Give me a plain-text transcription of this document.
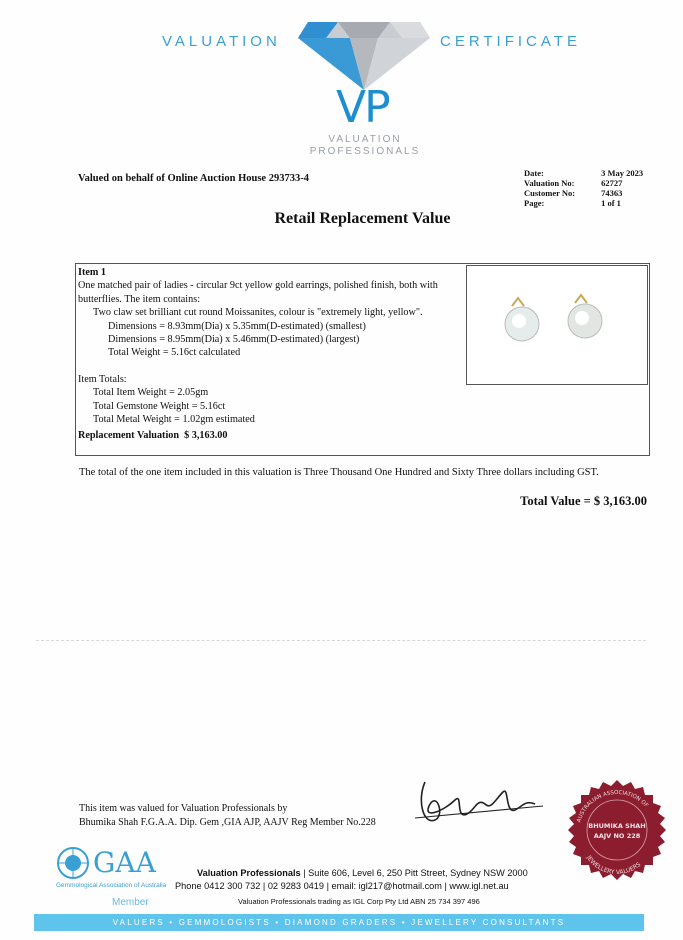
VALUATION	CERTIFICATE
VP
VALUATION
PROFESSIONALS
Valued on behalf of Online Auction House 293733-4	Date:	3 May 2023
Valuation No:	62727
Customer No:	74363
Page:	1 of 1
Retail Replacement Value
Item 1
One matched pair of ladies - circular 9ct yellow gold earrings, polished finish, both with
butterflies. The item contains:
Two claw set brilliant cut round Moissanites, colour is "extremely light, yellow".
Dimensions = 8.93mm(Dia) x 5.35mm(D-estimated) (smallest)
Dimensions = 8.95mm(Dia) x 5.46mm(D-estimated) (largest)
Total Weight = 5.16ct calculated
Item Totals:
Total Item Weight = 2.05gm
Total Gemstone Weight = 5.16ct
Total Metal Weight = 1.02gm estimated
Replacement Valuation $ 3,163.00
The total of the one item included in this valuation is Three Thousand One Hundred and Sixty Three dollars including GST.
Total Value = $ 3,163.00
This item was valued for Valuation Professionals by
Bhumika Shah F.G.A.A. Dip. Gem ,GIA AJP, AAJV Reg Member No.228	AUSTRALIAN ASSOCIATION OF
JEWELLERY VALUERS
BHUMIKA SHAH
AAJV NO 228
GAA
Gemmological Association of Australia
Member
Valuation Professionals | Suite 606, Level 6, 250 Pitt Street, Sydney NSW 2000
Phone 0412 300 732 | 02 9283 0419 | email: igl217@hotmail.com | www.igl.net.au
Valuation Professionals trading as IGL Corp Pty Ltd ABN 25 734 397 496
VALUERS • GEMMOLOGISTS • DIAMOND GRADERS • JEWELLERY CONSULTANTS
